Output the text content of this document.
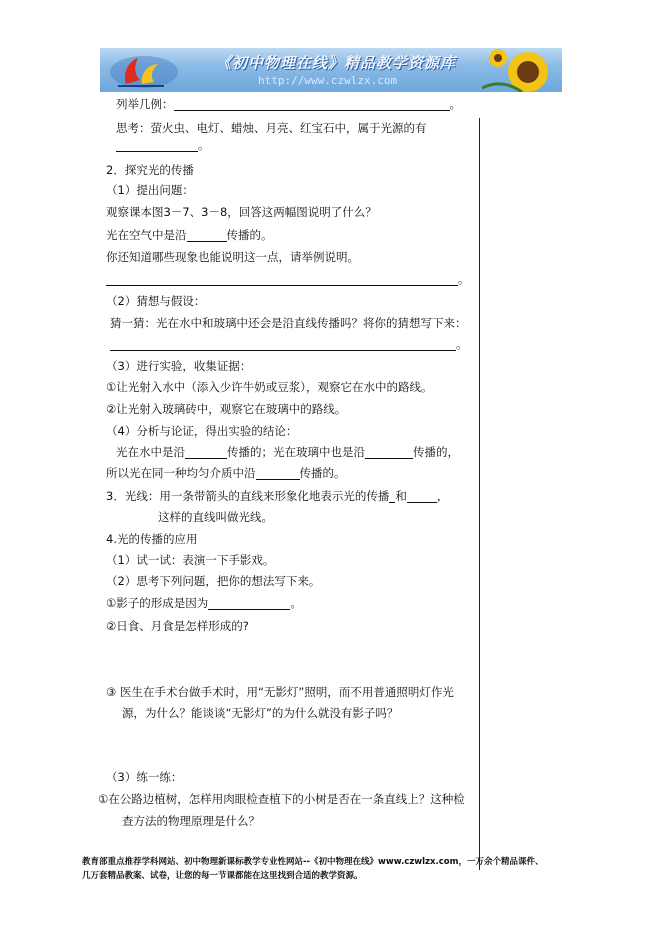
《初中物理在线》精品教学资源库
http://www.czwlzx.com
列举几例：	。
思考：萤火虫、电灯、蜡烛、月亮、红宝石中，属于光源的有
。
2．探究光的传播
（1）提出问题：
观察课本图3－7、3－8，回答这两幅图说明了什么？
光在空气中是沿	传播的。
你还知道哪些现象也能说明这一点，请举例说明。
。
（2）猜想与假设：
猜一猜：光在水中和玻璃中还会是沿直线传播吗？将你的猜想写下来：
。
（3）进行实验，收集证据：
①让光射入水中（添入少许牛奶或豆浆），观察它在水中的路线。
②让光射入玻璃砖中，观察它在玻璃中的路线。
（4）分析与论证，得出实验的结论：
光在水中是沿	传播的；光在玻璃中也是沿	传播的，
所以光在同一种均匀介质中沿	传播的。
3．光线：用一条带箭头的直线来形象化地表示光的传播 和	，
这样的直线叫做光线。
4.光的传播的应用
（1）试一试：表演一下手影戏。
（2）思考下列问题，把你的想法写下来。
①影子的形成是因为	。
②日食、月食是怎样形成的?
③ 医生在手术台做手术时，用“无影灯”照明，而不用普通照明灯作光
源，为什么？能谈谈“无影灯”的为什么就没有影子吗？
（3）练一练：
①在公路边植树，怎样用肉眼检查植下的小树是否在一条直线上？这种检
查方法的物理原理是什么？
教育部重点推荐学科网站、初中物理新课标教学专业性网站--《初中物理在线》www.czwlzx.com，一万余个精品课件、
几万套精品教案、试卷，让您的每一节课都能在这里找到合适的教学资源。
